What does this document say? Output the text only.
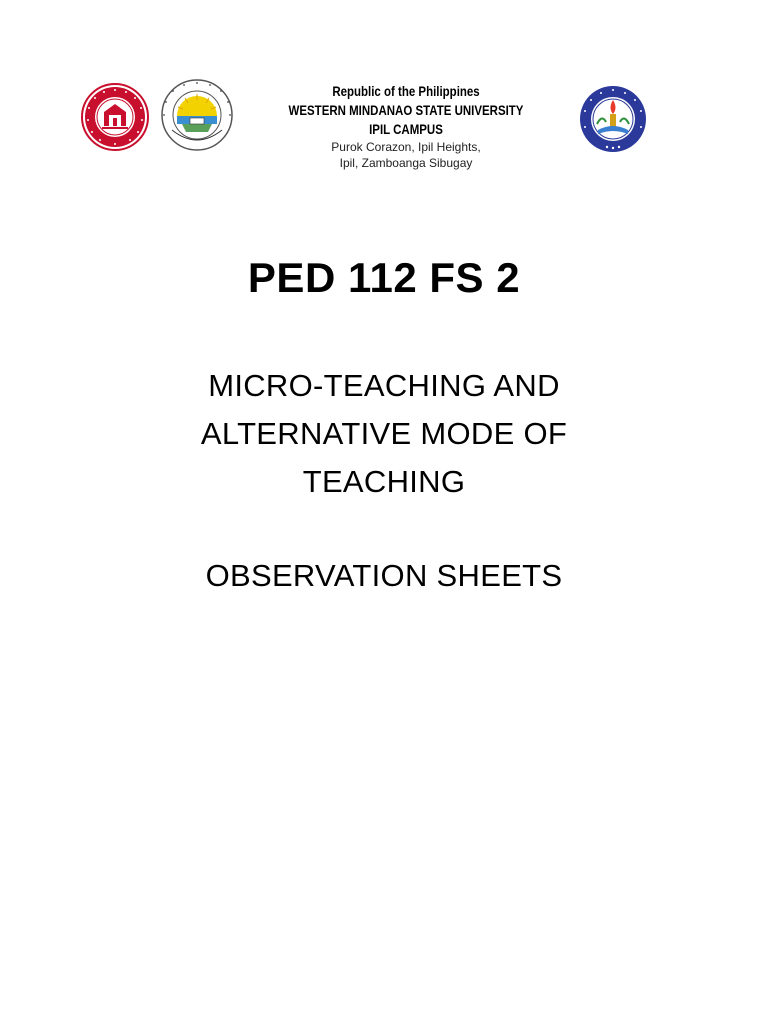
Republic of the Philippines
WESTERN MINDANAO STATE UNIVERSITY
IPIL CAMPUS
Purok Corazon, Ipil Heights,
Ipil, Zamboanga Sibugay
PED 112 FS 2
MICRO-TEACHING AND
ALTERNATIVE MODE OF
TEACHING
OBSERVATION SHEETS
